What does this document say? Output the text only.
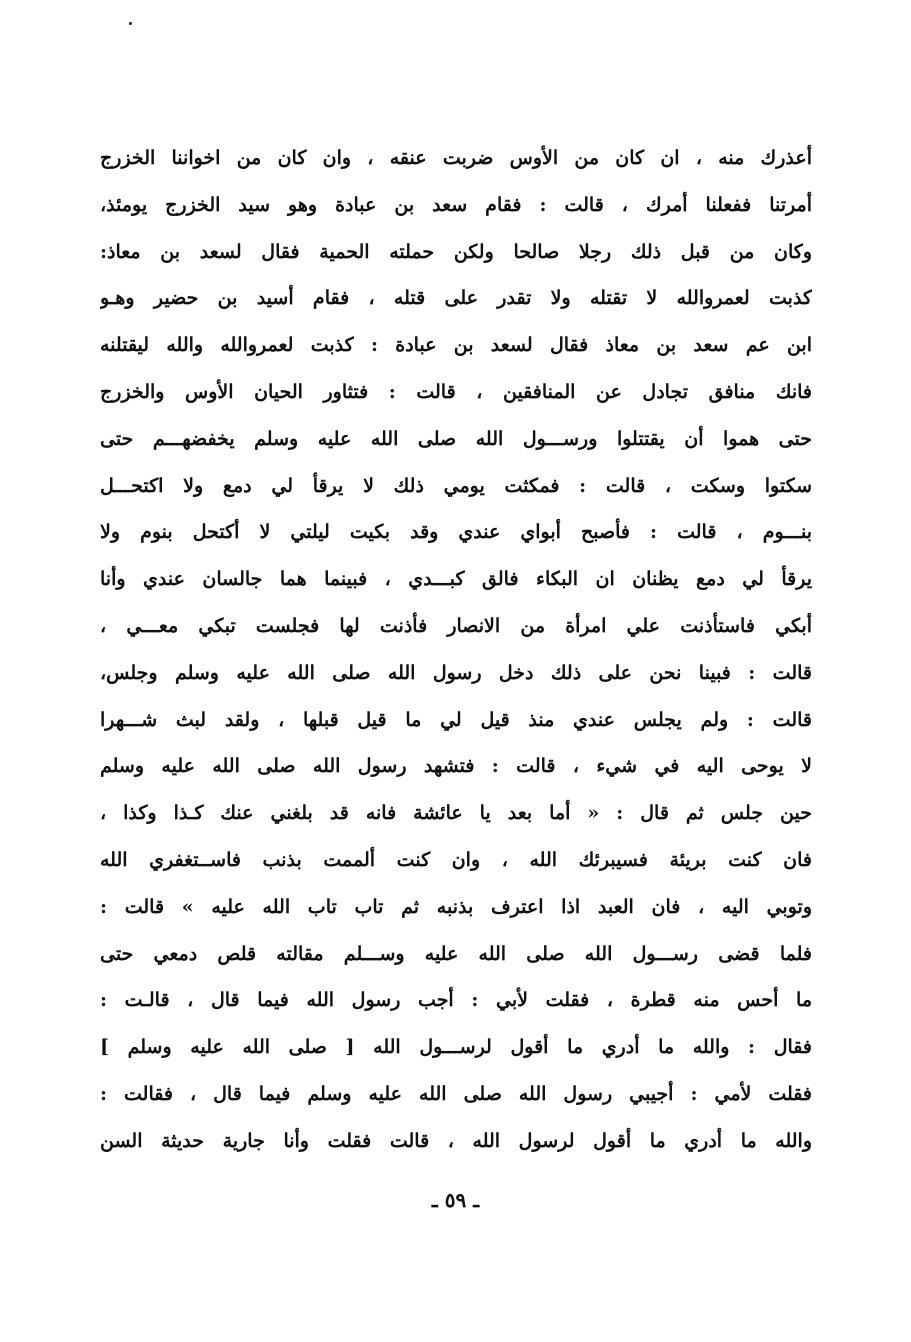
أعذرك منه ، ان كان من الأوس ضربت عنقه ، وان كان من اخواننا الخزرج
أمرتنا ففعلنا أمرك ، قالت : فقام سعد بن عبادة وهو سيد الخزرج يومئذ،
وكان من قبل ذلك رجلا صالحا ولكن حملته الحمية فقال لسعد بن معاذ:
كذبت لعمروالله لا تقتله ولا تقدر على قتله ، فقام أسيد بن حضير وهـو
ابن عم سعد بن معاذ فقال لسعد بن عبادة : كذبت لعمروالله والله ليقتلنه
فانك منافق تجادل عن المنافقين ، قالت : فتثاور الحيان الأوس والخزرج
حتى هموا أن يقتتلوا ورســـول الله صلى الله عليه وسلم يخفضهـــم حتى
سكتوا وسكت ، قالت : فمكثت يومي ذلك لا يرقأ لي دمع ولا اكتحـــل
بنـــوم ، قالت : فأصبح أبواي عندي وقد بكيت ليلتي لا أكتحل بنوم ولا
يرقأ لي دمع يظنان ان البكاء فالق كبـــدي ، فبينما هما جالسان عندي وأنا
أبكي فاستأذنت علي امرأة من الانصار فأذنت لها فجلست تبكي معـــي ،
قالت : فبينا نحن على ذلك دخل رسول الله صلى الله عليه وسلم وجلس،
قالت : ولم يجلس عندي منذ قيل لي ما قيل قبلها ، ولقد لبث شـــهرا
لا يوحى اليه في شيء ، قالت : فتشهد رسول الله صلى الله عليه وسلم
حين جلس ثم قال : « أما بعد يا عائشة فانه قد بلغني عنك كـذا وكذا ،
فان كنت بريئة فسيبرئك الله ، وان كنت ألممت بذنب فاســتغفري الله
وتوبي اليه ، فان العبد اذا اعترف بذنبه ثم تاب تاب الله عليه » قالت :
فلما قضى رســـول الله صلى الله عليه وســـلم مقالته قلص دمعي حتى
ما أحس منه قطرة ، فقلت لأبي : أجب رسول الله فيما قال ، قالـت :
فقال : والله ما أدري ما أقول لرســـول الله [ صلى الله عليه وسلم ]
فقلت لأمي : أجيبي رسول الله صلى الله عليه وسلم فيما قال ، فقالت :
والله ما أدري ما أقول لرسول الله ، قالت فقلت وأنا جارية حديثة السن
ـ ٥٩ ـ
